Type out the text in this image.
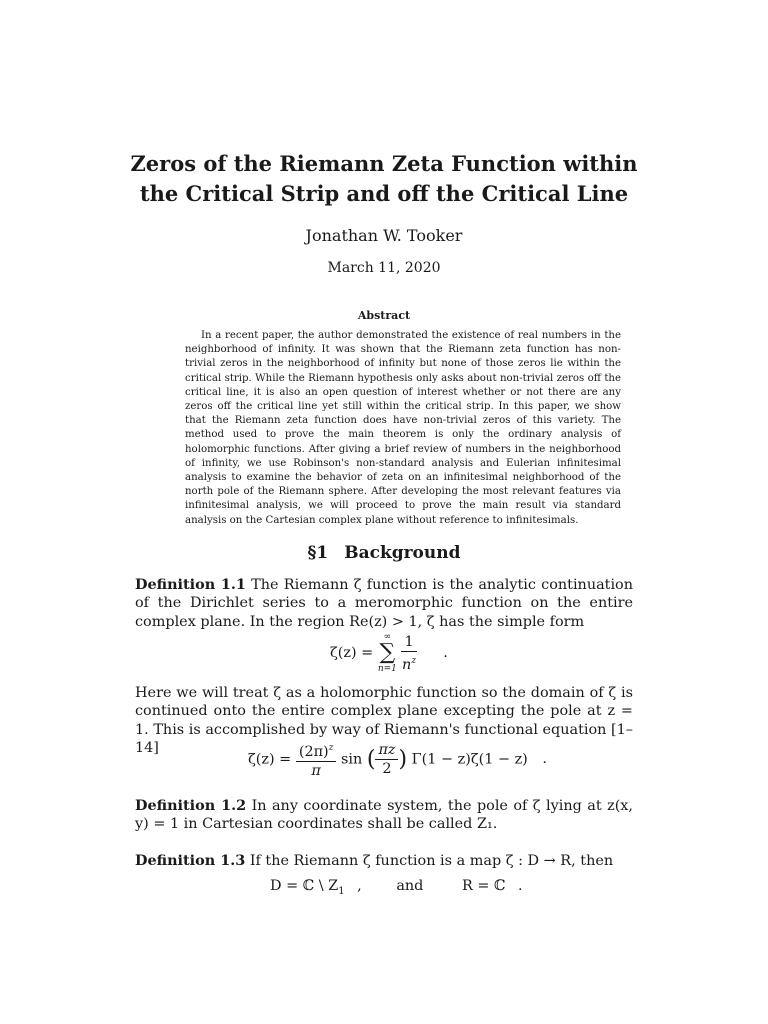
Zeros of the Riemann Zeta Function within
the Critical Strip and off the Critical Line
Jonathan W. Tooker
March 11, 2020
Abstract
In a recent paper, the author demonstrated the existence of real numbers in the neighborhood of infinity. It was shown that the Riemann zeta function has non-trivial zeros in the neighborhood of infinity but none of those zeros lie within the critical strip. While the Riemann hypothesis only asks about non-trivial zeros off the critical line, it is also an open question of interest whether or not there are any zeros off the critical line yet still within the critical strip. In this paper, we show that the Riemann zeta function does have non-trivial zeros of this variety. The method used to prove the main theorem is only the ordinary analysis of holomorphic functions. After giving a brief review of numbers in the neighborhood of infinity, we use Robinson's non-standard analysis and Eulerian infinitesimal analysis to examine the behavior of zeta on an infinitesimal neighborhood of the north pole of the Riemann sphere. After developing the most relevant features via infinitesimal analysis, we will proceed to prove the main result via standard analysis on the Cartesian complex plane without reference to infinitesimals.
§1 Background
Definition 1.1 The Riemann ζ function is the analytic continuation of the Dirichlet series to a meromorphic function on the entire complex plane. In the region Re(z) > 1, ζ has the simple form
ζ(z) =
∞
∑
n=1
$\frac{1}{n^z}$ .
Here we will treat ζ as a holomorphic function so the domain of ζ is continued onto the entire complex plane excepting the pole at z = 1. This is accomplished by way of Riemann's functional equation [1–14]
$\zeta(z) = \frac{(2\pi)^z}{\pi}$ sin ( $\frac{\pi z}{2}$ ) Γ(1 − z)ζ(1 − z) .
Definition 1.2 In any coordinate system, the pole of ζ lying at z(x, y) = 1 in Cartesian coordinates shall be called Z₁.
Definition 1.3 If the Riemann ζ function is a map ζ : D → R, then
D = ℂ \ $Z_1$ , and	R = ℂ .
